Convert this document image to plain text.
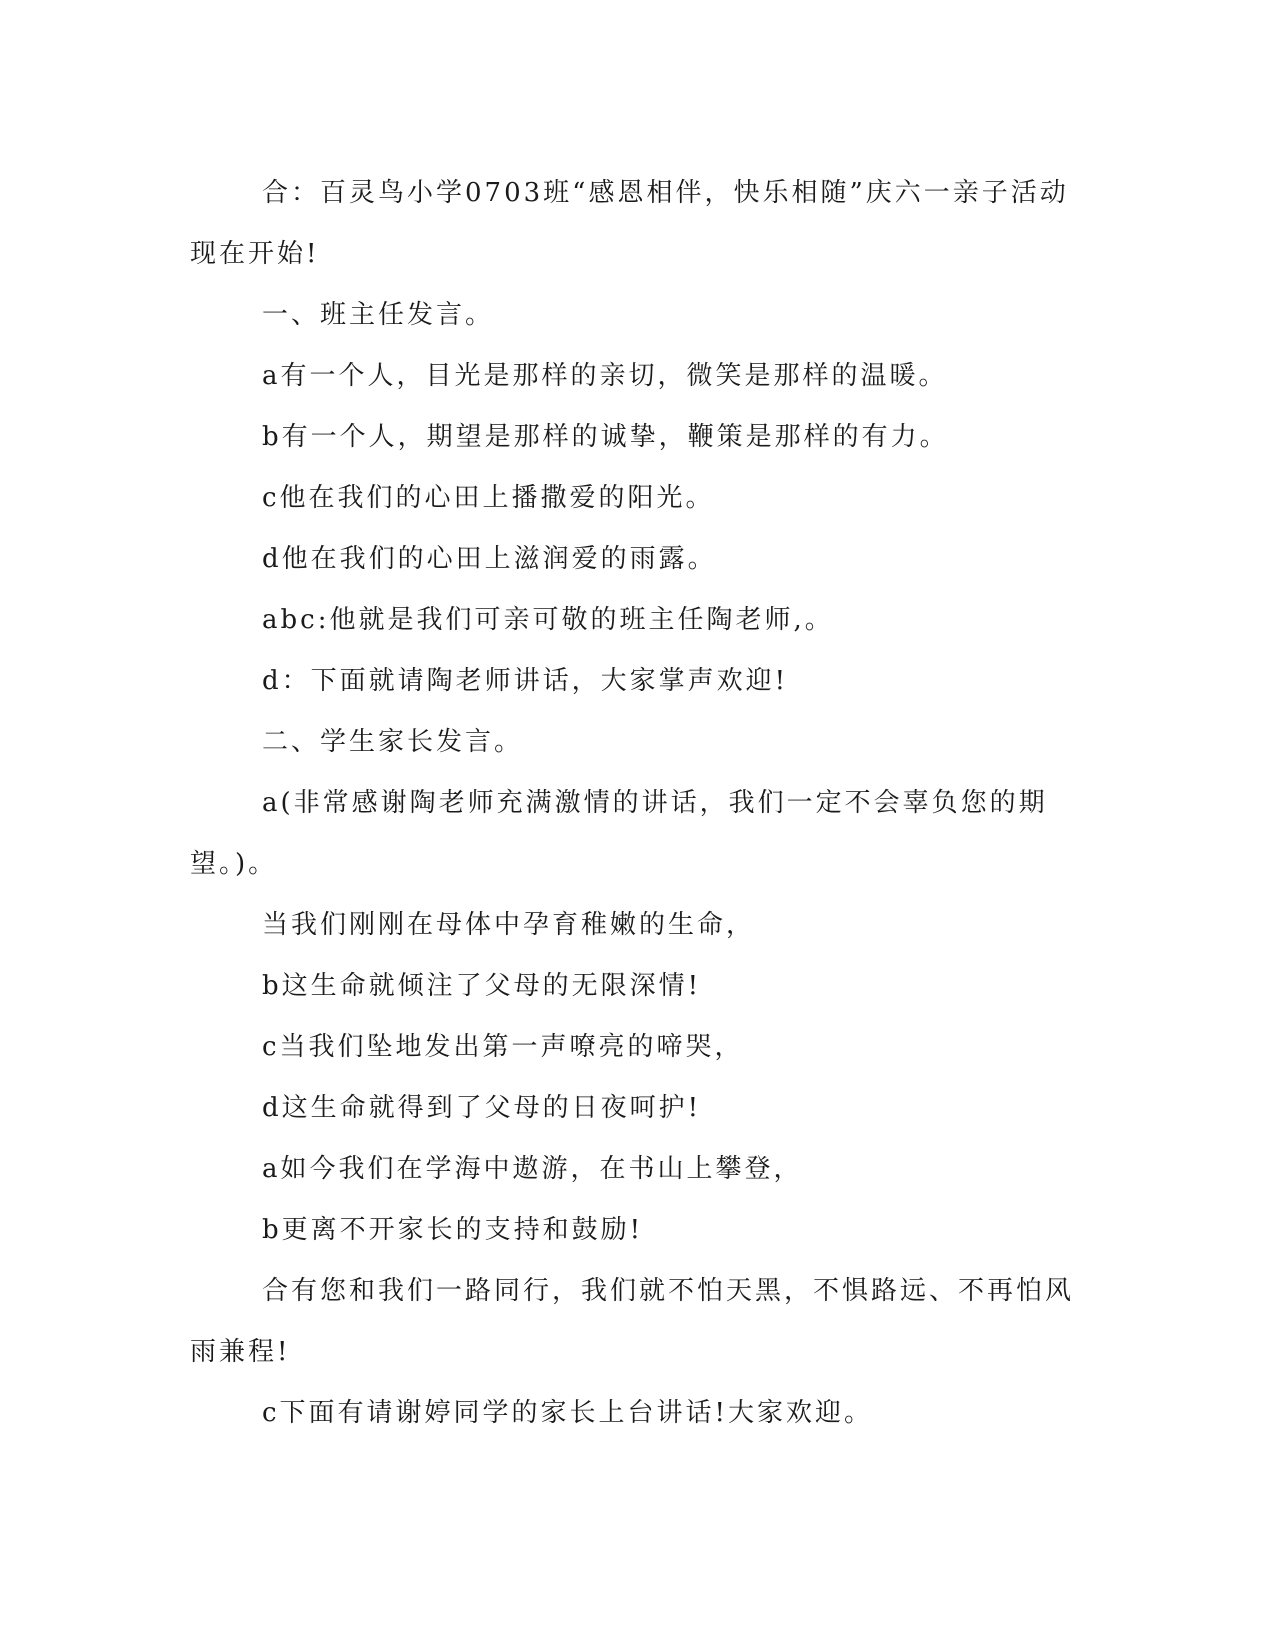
合：百灵鸟小学0703班“感恩相伴，快乐相随”庆六一亲子活动现在开始!

一、班主任发言。

a有一个人，目光是那样的亲切，微笑是那样的温暖。

b有一个人，期望是那样的诚挚，鞭策是那样的有力。

c他在我们的心田上播撒爱的阳光。

d他在我们的心田上滋润爱的雨露。

abc:他就是我们可亲可敬的班主任陶老师,。

d：下面就请陶老师讲话，大家掌声欢迎!

二、学生家长发言。

a(非常感谢陶老师充满激情的讲话，我们一定不会辜负您的期望。)。

当我们刚刚在母体中孕育稚嫩的生命，

b这生命就倾注了父母的无限深情!

c当我们坠地发出第一声嘹亮的啼哭，

d这生命就得到了父母的日夜呵护!

a如今我们在学海中遨游，在书山上攀登，

b更离不开家长的支持和鼓励!

合有您和我们一路同行，我们就不怕天黑，不惧路远、不再怕风雨兼程!

c下面有请谢婷同学的家长上台讲话!大家欢迎。
